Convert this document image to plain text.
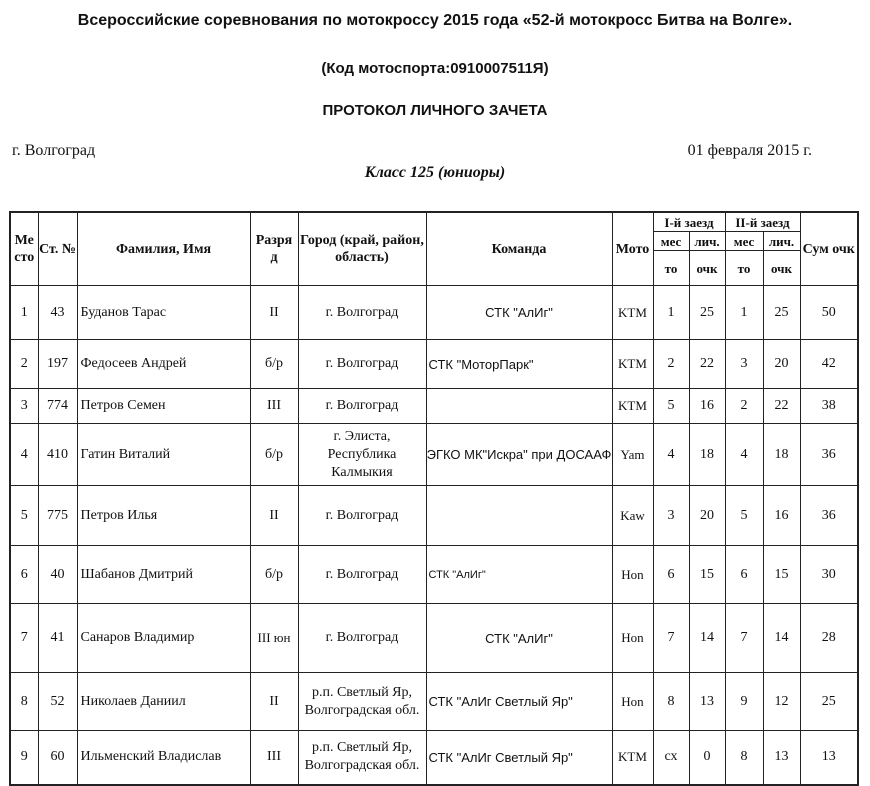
Всероссийские соревнования по мотокроссу 2015 года «52-й мотокросс Битва на Волге».
(Код мотоспорта:0910007511Я)
ПРОТОКОЛ ЛИЧНОГО ЗАЧЕТА
г. Волгоград	01 февраля 2015 г.
Класс 125 (юниоры)
Ме сто	Ст. №	Фамилия, Имя	Разря д	Город (край, район, область)	Команда	Мото	I-й заезд		II-й заезд		Сум очк
							мес	лич.	мес	лич.	
							то	очк	то	очк	
1	43	Буданов Тарас	II	г. Волгоград	СТК "АлИг"	KTM	1	25	1	25	50
2	197	Федосеев Андрей	б/р	г. Волгоград	СТК "МоторПарк"	KTM	2	22	3	20	42
3	774	Петров Семен	III	г. Волгоград		KTM	5	16	2	22	38
4	410	Гатин Виталий	б/р	г. Элиста, Республика Калмыкия	ЭГКО МК"Искра" при ДОСААФ	Yam	4	18	4	18	36
5	775	Петров Илья	II	г. Волгоград		Kaw	3	20	5	16	36
6	40	Шабанов Дмитрий	б/р	г. Волгоград	СТК "АлИг"	Hon	6	15	6	15	30
7	41	Санаров Владимир	III юн	г. Волгоград	СТК "АлИг"	Hon	7	14	7	14	28
8	52	Николаев Даниил	II	р.п. Светлый Яр, Волгоградская обл.	СТК "АлИг Светлый Яр"	Hon	8	13	9	12	25
9	60	Ильменский Владислав	III	р.п. Светлый Яр, Волгоградская обл.	СТК "АлИг Светлый Яр"	KTM	сх	0	8	13	13
